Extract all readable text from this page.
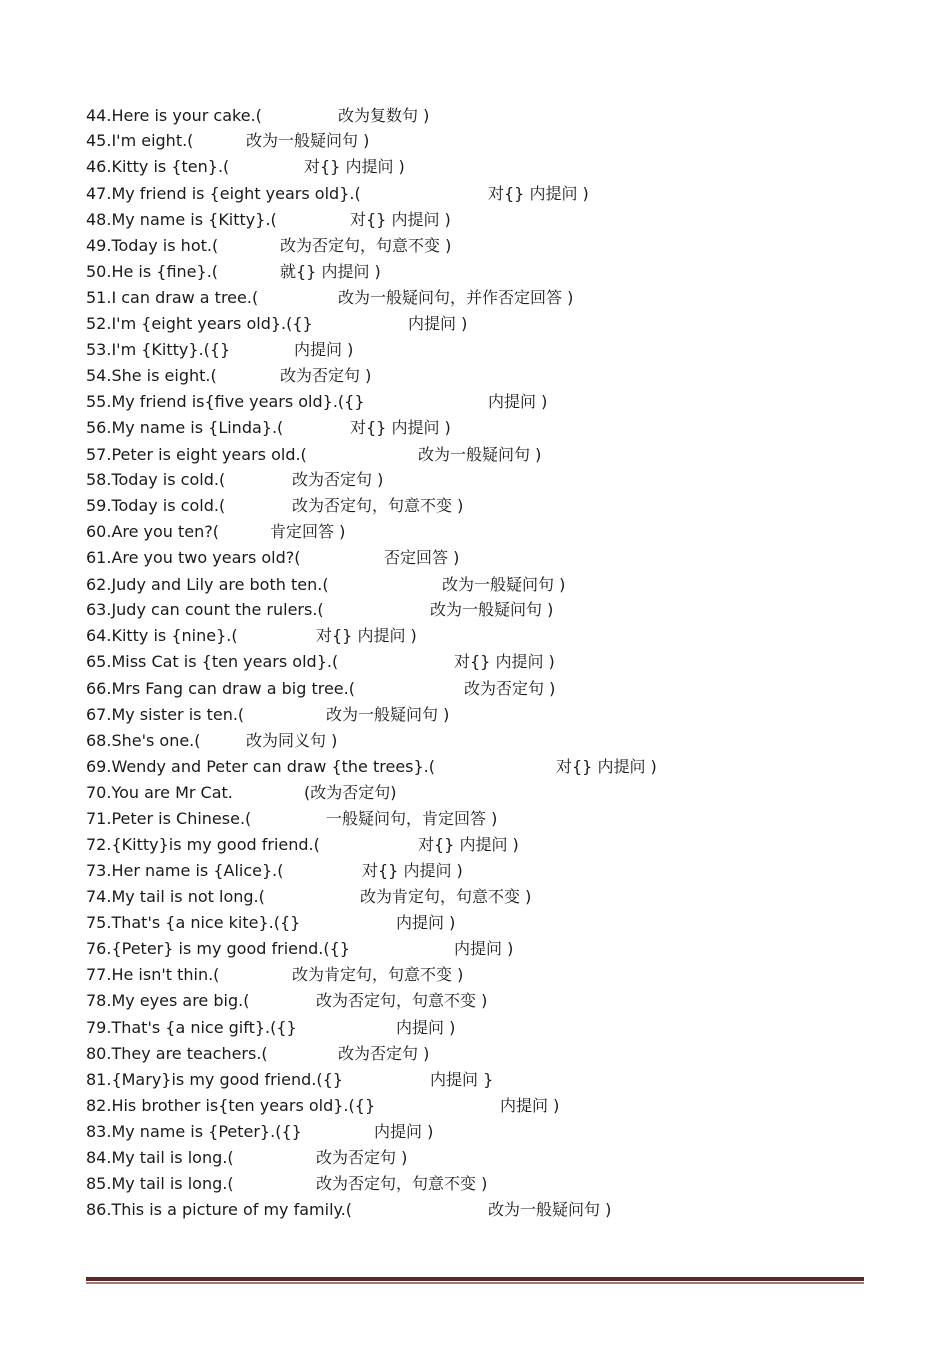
44.Here is your cake.(	改为复数句 )
45.I'm eight.(	改为一般疑问句 )
46.Kitty is {ten}.(	对{} 内提问 )
47.My friend is {eight years old}.(	对{} 内提问 )
48.My name is {Kitty}.(	对{} 内提问 )
49.Today is hot.(	改为否定句，句意不变 )
50.He is {fine}.(	就{} 内提问 )
51.I can draw a tree.(	改为一般疑问句，并作否定回答 )
52.I'm {eight years old}.({}	内提问 )
53.I'm {Kitty}.({}	内提问 )
54.She is eight.(	改为否定句 )
55.My friend is{five years old}.({}	内提问 )
56.My name is {Linda}.(	对{} 内提问 )
57.Peter is eight years old.(	改为一般疑问句 )
58.Today is cold.(	改为否定句 )
59.Today is cold.(	改为否定句，句意不变 )
60.Are you ten?(	肯定回答 )
61.Are you two years old?(	否定回答 )
62.Judy and Lily are both ten.(	改为一般疑问句 )
63.Judy can count the rulers.(	改为一般疑问句 )
64.Kitty is {nine}.(	对{} 内提问 )
65.Miss Cat is {ten years old}.(	对{} 内提问 )
66.Mrs Fang can draw a big tree.(	改为否定句 )
67.My sister is ten.(	改为一般疑问句 )
68.She's one.(	改为同义句 )
69.Wendy and Peter can draw {the trees}.(	对{} 内提问 )
70.You are Mr Cat.	(改为否定句)
71.Peter is Chinese.(	一般疑问句，肯定回答 )
72.{Kitty}is my good friend.(	对{} 内提问 )
73.Her name is {Alice}.(	对{} 内提问 )
74.My tail is not long.(	改为肯定句，句意不变 )
75.That's {a nice kite}.({}	内提问 )
76.{Peter} is my good friend.({}	内提问 )
77.He isn't thin.(	改为肯定句，句意不变 )
78.My eyes are big.(	改为否定句，句意不变 )
79.That's {a nice gift}.({}	内提问 )
80.They are teachers.(	改为否定句 )
81.{Mary}is my good friend.({}	内提问 }
82.His brother is{ten years old}.({}	内提问 )
83.My name is {Peter}.({}	内提问 )
84.My tail is long.(	改为否定句 )
85.My tail is long.(	改为否定句，句意不变 )
86.This is a picture of my family.(	改为一般疑问句 )
